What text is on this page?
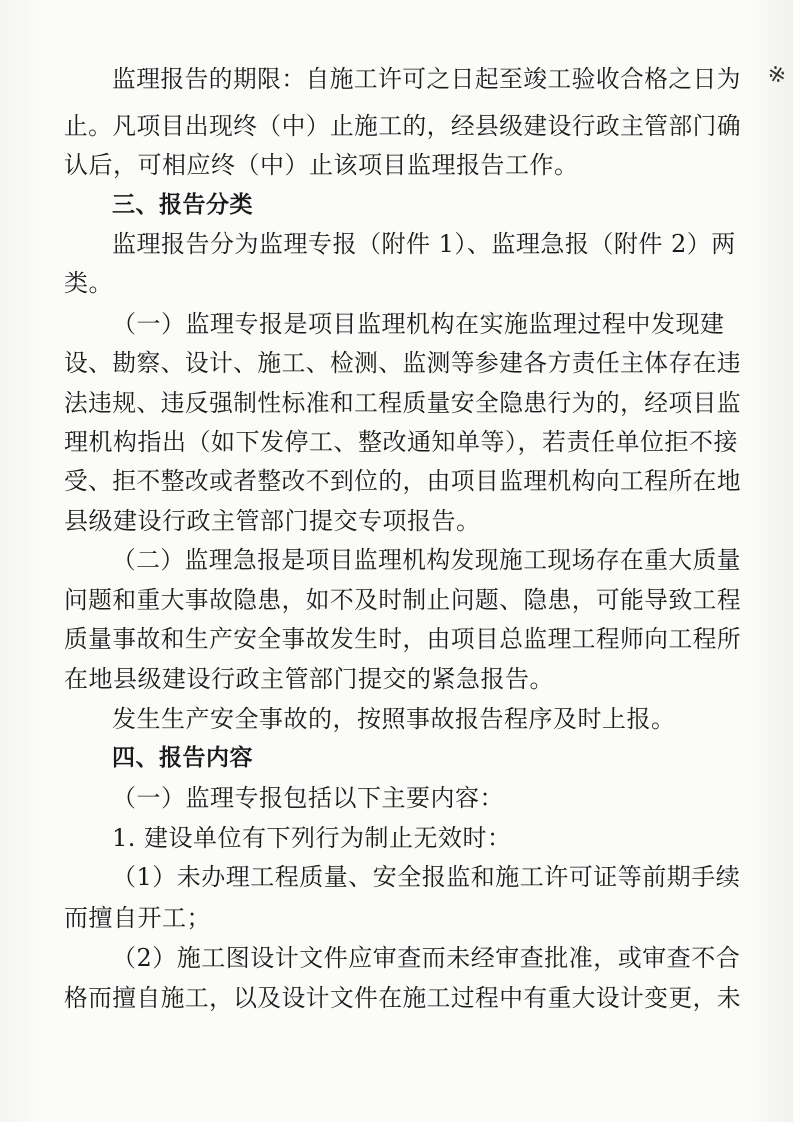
监理报告的期限：自施工许可之日起至竣工验收合格之日为
止。凡项目出现终（中）止施工的，经县级建设行政主管部门确
认后，可相应终（中）止该项目监理报告工作。
三、报告分类
监理报告分为监理专报（附件 1）、监理急报（附件 2）两
类。
（一）监理专报是项目监理机构在实施监理过程中发现建
设、勘察、设计、施工、检测、监测等参建各方责任主体存在违
法违规、违反强制性标准和工程质量安全隐患行为的，经项目监
理机构指出（如下发停工、整改通知单等），若责任单位拒不接
受、拒不整改或者整改不到位的，由项目监理机构向工程所在地
县级建设行政主管部门提交专项报告。
（二）监理急报是项目监理机构发现施工现场存在重大质量
问题和重大事故隐患，如不及时制止问题、隐患，可能导致工程
质量事故和生产安全事故发生时，由项目总监理工程师向工程所
在地县级建设行政主管部门提交的紧急报告。
发生生产安全事故的，按照事故报告程序及时上报。
四、报告内容
（一）监理专报包括以下主要内容：
1. 建设单位有下列行为制止无效时：
（1）未办理工程质量、安全报监和施工许可证等前期手续
而擅自开工；
（2）施工图设计文件应审查而未经审查批准，或审查不合
格而擅自施工，以及设计文件在施工过程中有重大设计变更，未
※
